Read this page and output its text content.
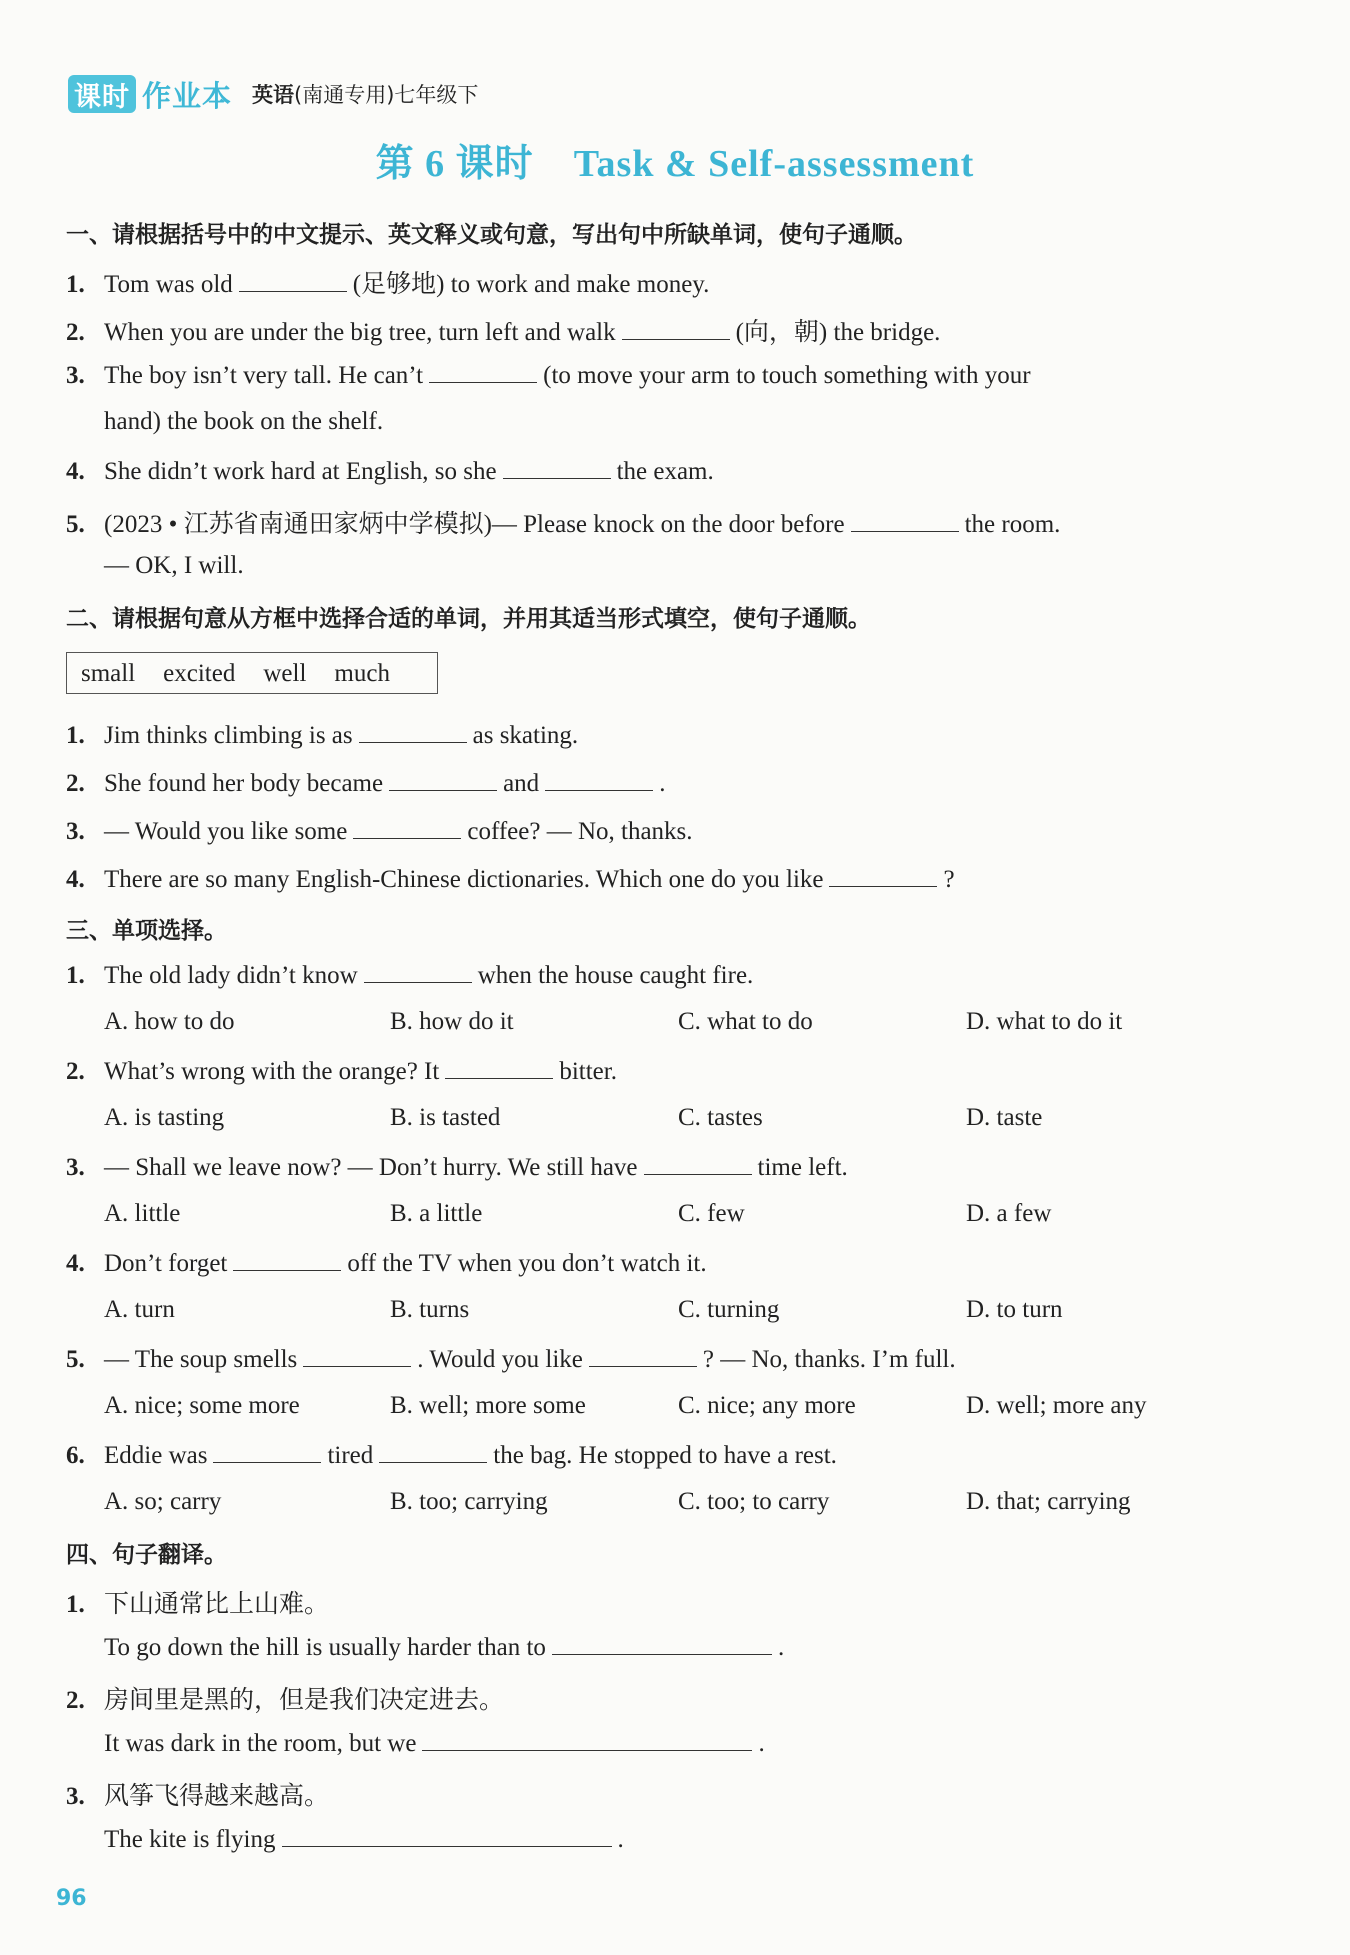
课时 作业本 英语(南通专用)七年级下
第 6 课时 Task & Self-assessment
一、请根据括号中的中文提示、英文释义或句意，写出句中所缺单词，使句子通顺。
1. Tom was old	(足够地) to work and make money.
2. When you are under the big tree, turn left and walk	(向，朝) the bridge.
3. The boy isn’t very tall. He can’t	(to move your arm to touch something with your
hand) the book on the shelf.
4. She didn’t work hard at English, so she	the exam.
5. (2023 • 江苏省南通田家炳中学模拟)— Please knock on the door before	the room.
— OK, I will.
二、请根据句意从方框中选择合适的单词，并用其适当形式填空，使句子通顺。
small excited well much
1. Jim thinks climbing is as	as skating.
2. She found her body became	and	.
3. — Would you like some	coffee? — No, thanks.
4. There are so many English-Chinese dictionaries. Which one do you like	?
三、单项选择。
1. The old lady didn’t know	when the house caught fire.
A. how to do	B. how do it	C. what to do	D. what to do it
2. What’s wrong with the orange? It	bitter.
A. is tasting	B. is tasted	C. tastes	D. taste
3. — Shall we leave now? — Don’t hurry. We still have	time left.
A. little	B. a little	C. few	D. a few
4. Don’t forget	off the TV when you don’t watch it.
A. turn	B. turns	C. turning	D. to turn
5. — The soup smells	. Would you like	? — No, thanks. I’m full.
A. nice; some more	B. well; more some	C. nice; any more	D. well; more any
6. Eddie was	tired	the bag. He stopped to have a rest.
A. so; carry	B. too; carrying	C. too; to carry	D. that; carrying
四、句子翻译。
1. 下山通常比上山难。
To go down the hill is usually harder than to	.
2. 房间里是黑的，但是我们决定进去。
It was dark in the room, but we	.
3. 风筝飞得越来越高。
The kite is flying	.
96
